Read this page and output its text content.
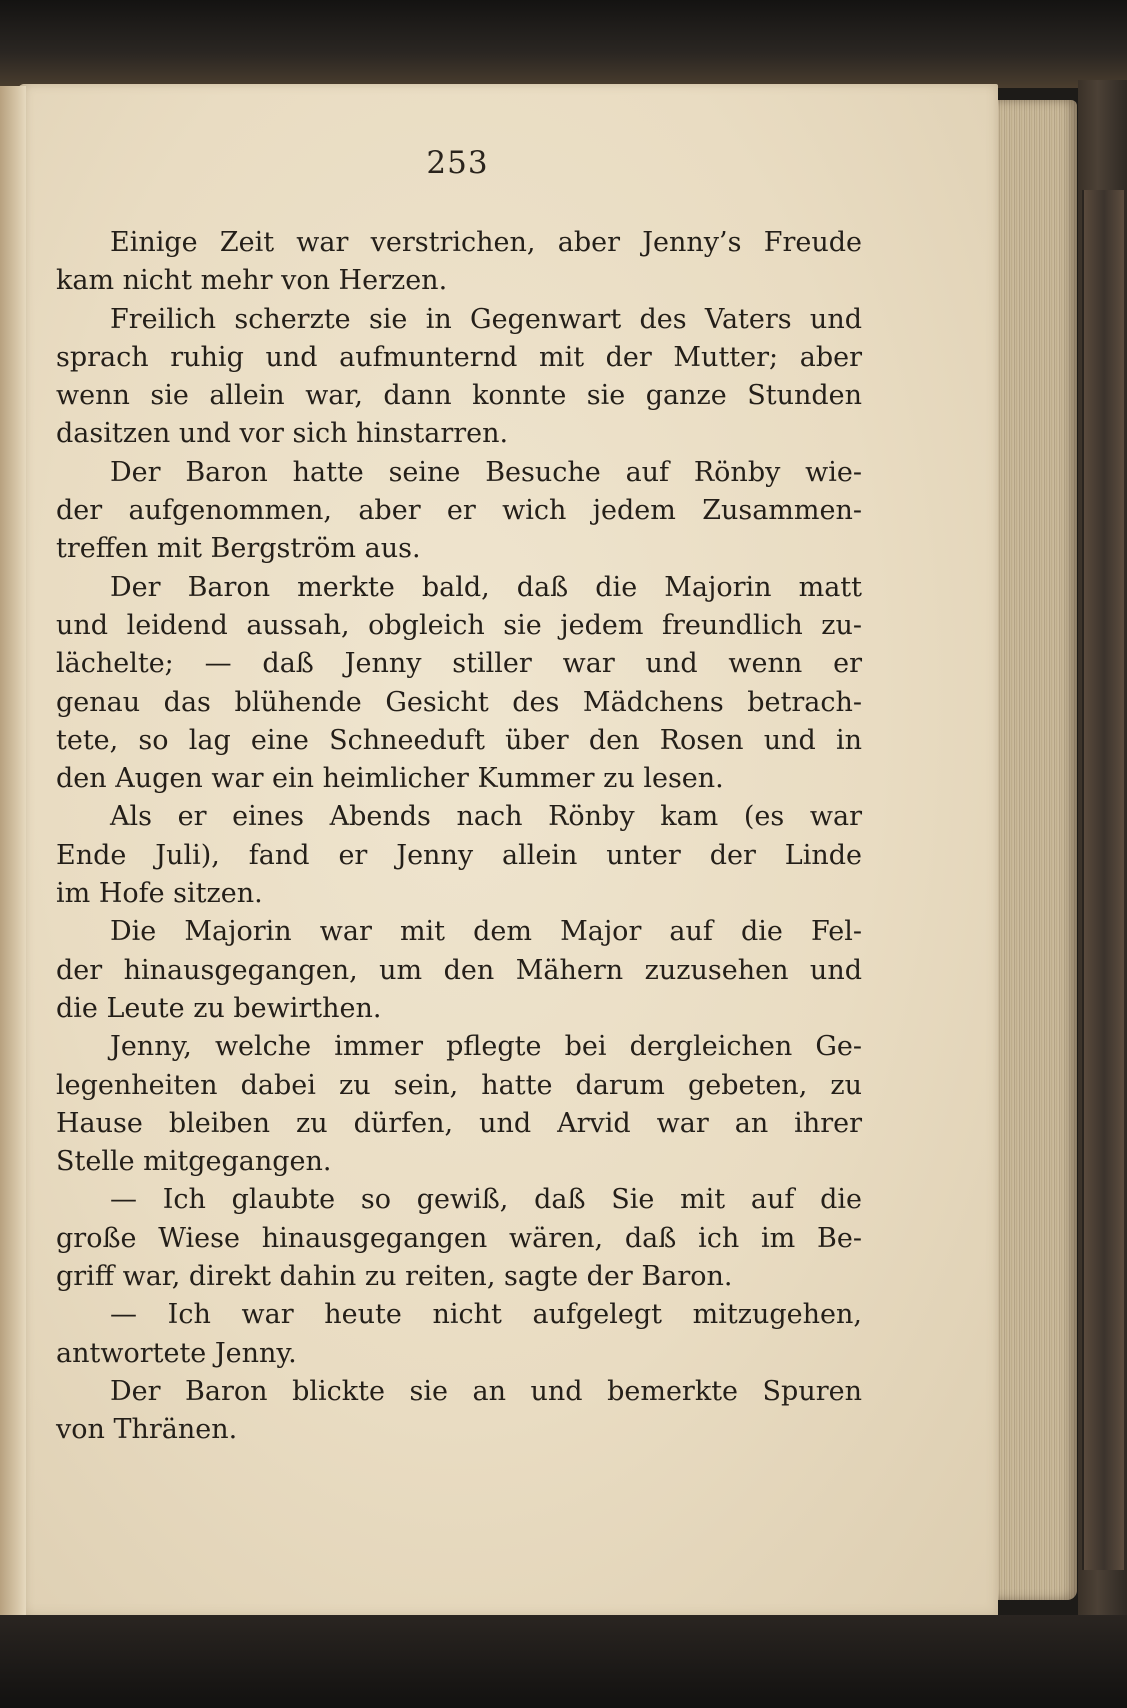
253
Einige Zeit war verstrichen, aber Jenny’s Freude
kam nicht mehr von Herzen.
Freilich scherzte sie in Gegenwart des Vaters und
sprach ruhig und aufmunternd mit der Mutter; aber
wenn sie allein war, dann konnte sie ganze Stunden
dasitzen und vor sich hinstarren.
Der Baron hatte seine Besuche auf Rönby wie-
der aufgenommen, aber er wich jedem Zusammen-
treffen mit Bergström aus.
Der Baron merkte bald, daß die Majorin matt
und leidend aussah, obgleich sie jedem freundlich zu-
lächelte; — daß Jenny stiller war und wenn er
genau das blühende Gesicht des Mädchens betrach-
tete, so lag eine Schneeduft über den Rosen und in
den Augen war ein heimlicher Kummer zu lesen.
Als er eines Abends nach Rönby kam (es war
Ende Juli), fand er Jenny allein unter der Linde
im Hofe sitzen.
Die Majorin war mit dem Major auf die Fel-
der hinausgegangen, um den Mähern zuzusehen und
die Leute zu bewirthen.
Jenny, welche immer pflegte bei dergleichen Ge-
legenheiten dabei zu sein, hatte darum gebeten, zu
Hause bleiben zu dürfen, und Arvid war an ihrer
Stelle mitgegangen.
— Ich glaubte so gewiß, daß Sie mit auf die
große Wiese hinausgegangen wären, daß ich im Be-
griff war, direkt dahin zu reiten, sagte der Baron.
— Ich war heute nicht aufgelegt mitzugehen,
antwortete Jenny.
Der Baron blickte sie an und bemerkte Spuren
von Thränen.
